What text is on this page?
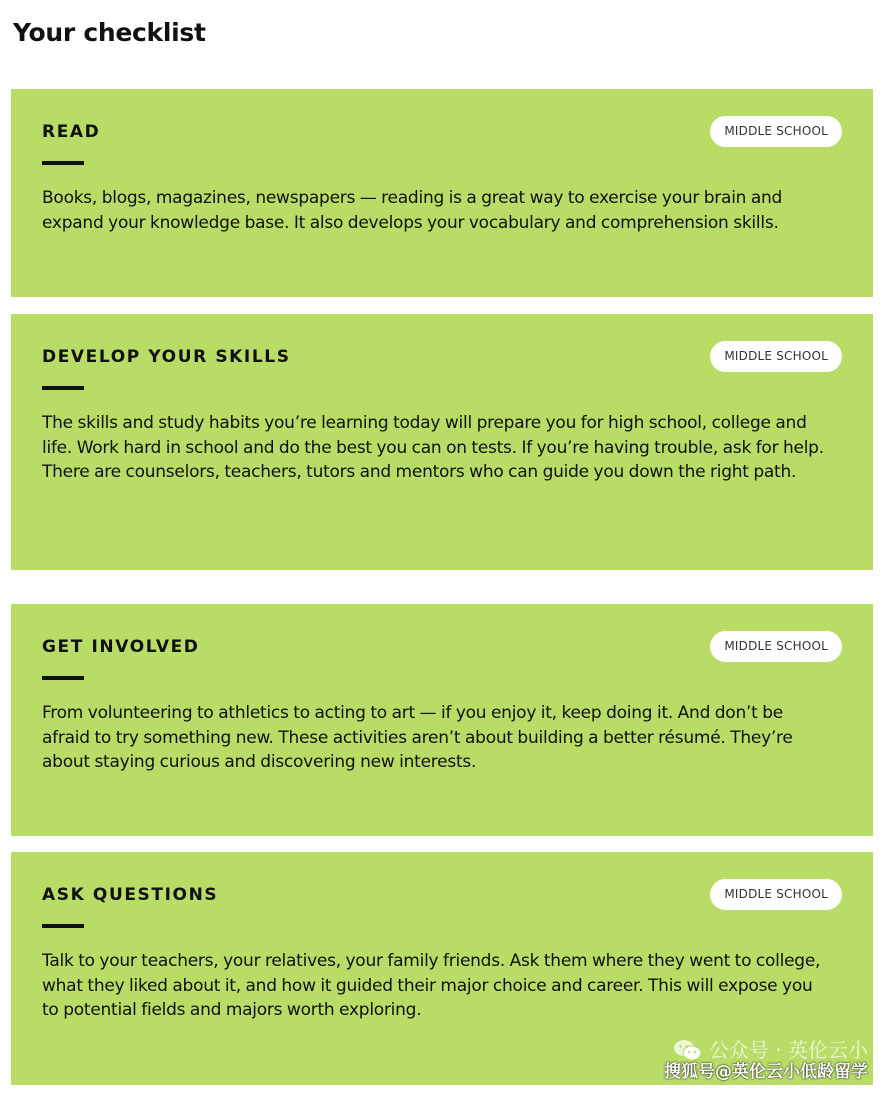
Your checklist
READ	MIDDLE SCHOOL

Books, blogs, magazines, newspapers — reading is a great way to exercise your brain and expand your knowledge base. It also develops your vocabulary and comprehension skills.

DEVELOP YOUR SKILLS	MIDDLE SCHOOL

The skills and study habits you’re learning today will prepare you for high school, college and life. Work hard in school and do the best you can on tests. If you’re having trouble, ask for help. There are counselors, teachers, tutors and mentors who can guide you down the right path.

GET INVOLVED	MIDDLE SCHOOL

From volunteering to athletics to acting to art — if you enjoy it, keep doing it. And don’t be afraid to try something new. These activities aren’t about building a better résumé. They’re about staying curious and discovering new interests.

ASK QUESTIONS	MIDDLE SCHOOL

Talk to your teachers, your relatives, your family friends. Ask them where they went to college, what they liked about it, and how it guided their major choice and career. This will expose you to potential fields and majors worth exploring.

公众号 · 英伦云小
搜狐号@英伦云小低龄留学
